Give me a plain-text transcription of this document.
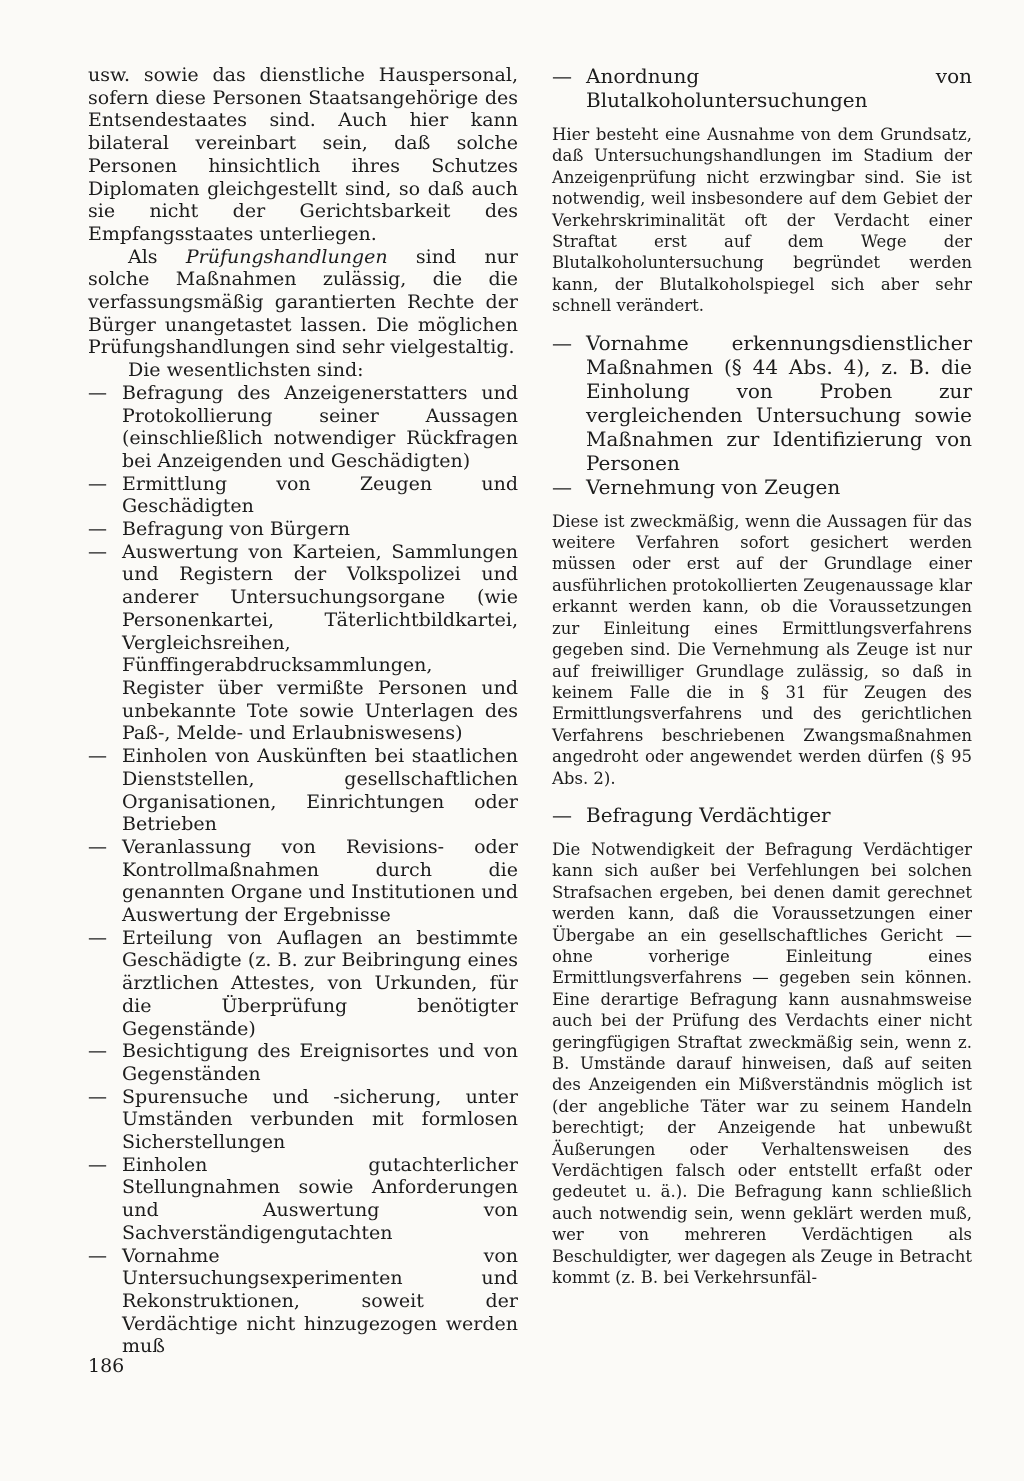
usw. sowie das dienstliche Hauspersonal, sofern diese Personen Staatsangehörige des Entsendestaates sind. Auch hier kann bilateral vereinbart sein, daß solche Personen hinsichtlich ihres Schutzes Diplomaten gleichgestellt sind, so daß auch sie nicht der Gerichtsbarkeit des Empfangsstaates unterliegen.

Als Prüfungshandlungen sind nur solche Maßnahmen zulässig, die die verfassungsmäßig garantierten Rechte der Bürger unangetastet lassen. Die möglichen Prüfungshandlungen sind sehr vielgestaltig.

Die wesentlichsten sind:

— Befragung des Anzeigenerstatters und Protokollierung seiner Aussagen (einschließlich notwendiger Rückfragen bei Anzeigenden und Geschädigten)
— Ermittlung von Zeugen und Geschädigten
— Befragung von Bürgern
— Auswertung von Karteien, Sammlungen und Registern der Volkspolizei und anderer Untersuchungsorgane (wie Personenkartei, Täterlichtbildkartei, Vergleichsreihen, Fünffingerabdrucksammlungen, Register über vermißte Personen und unbekannte Tote sowie Unterlagen des Paß-, Melde- und Erlaubniswesens)
— Einholen von Auskünften bei staatlichen Dienststellen, gesellschaftlichen Organisationen, Einrichtungen oder Betrieben
— Veranlassung von Revisions- oder Kontrollmaßnahmen durch die genannten Organe und Institutionen und Auswertung der Ergebnisse
— Erteilung von Auflagen an bestimmte Geschädigte (z. B. zur Beibringung eines ärztlichen Attestes, von Urkunden, für die Überprüfung benötigter Gegenstände)
— Besichtigung des Ereignisortes und von Gegenständen
— Spurensuche und -sicherung, unter Umständen verbunden mit formlosen Sicherstellungen
— Einholen gutachterlicher Stellungnahmen sowie Anforderungen und Auswertung von Sachverständigengutachten
— Vornahme von Untersuchungsexperimenten und Rekonstruktionen, soweit der Verdächtige nicht hinzugezogen werden muß
— Anordnung von Blutalkoholuntersuchungen

Hier besteht eine Ausnahme von dem Grundsatz, daß Untersuchungshandlungen im Stadium der Anzeigenprüfung nicht erzwingbar sind. Sie ist notwendig, weil insbesondere auf dem Gebiet der Verkehrskriminalität oft der Verdacht einer Straftat erst auf dem Wege der Blutalkoholuntersuchung begründet werden kann, der Blutalkoholspiegel sich aber sehr schnell verändert.

— Vornahme erkennungsdienstlicher Maßnahmen (§ 44 Abs. 4), z. B. die Einholung von Proben zur vergleichenden Untersuchung sowie Maßnahmen zur Identifizierung von Personen
— Vernehmung von Zeugen

Diese ist zweckmäßig, wenn die Aussagen für das weitere Verfahren sofort gesichert werden müssen oder erst auf der Grundlage einer ausführlichen protokollierten Zeugenaussage klar erkannt werden kann, ob die Voraussetzungen zur Einleitung eines Ermittlungsverfahrens gegeben sind. Die Vernehmung als Zeuge ist nur auf freiwilliger Grundlage zulässig, so daß in keinem Falle die in § 31 für Zeugen des Ermittlungsverfahrens und des gerichtlichen Verfahrens beschriebenen Zwangsmaßnahmen angedroht oder angewendet werden dürfen (§ 95 Abs. 2).

— Befragung Verdächtiger

Die Notwendigkeit der Befragung Verdächtiger kann sich außer bei Verfehlungen bei solchen Strafsachen ergeben, bei denen damit gerechnet werden kann, daß die Voraussetzungen einer Übergabe an ein gesellschaftliches Gericht — ohne vorherige Einleitung eines Ermittlungsverfahrens — gegeben sein können. Eine derartige Befragung kann ausnahmsweise auch bei der Prüfung des Verdachts einer nicht geringfügigen Straftat zweckmäßig sein, wenn z. B. Umstände darauf hinweisen, daß auf seiten des Anzeigenden ein Mißverständnis möglich ist (der angebliche Täter war zu seinem Handeln berechtigt; der Anzeigende hat unbewußt Äußerungen oder Verhaltensweisen des Verdächtigen falsch oder entstellt erfaßt oder gedeutet u. ä.). Die Befragung kann schließlich auch notwendig sein, wenn geklärt werden muß, wer von mehreren Verdächtigen als Beschuldigter, wer dagegen als Zeuge in Betracht kommt (z. B. bei Verkehrsunfäl-

186
